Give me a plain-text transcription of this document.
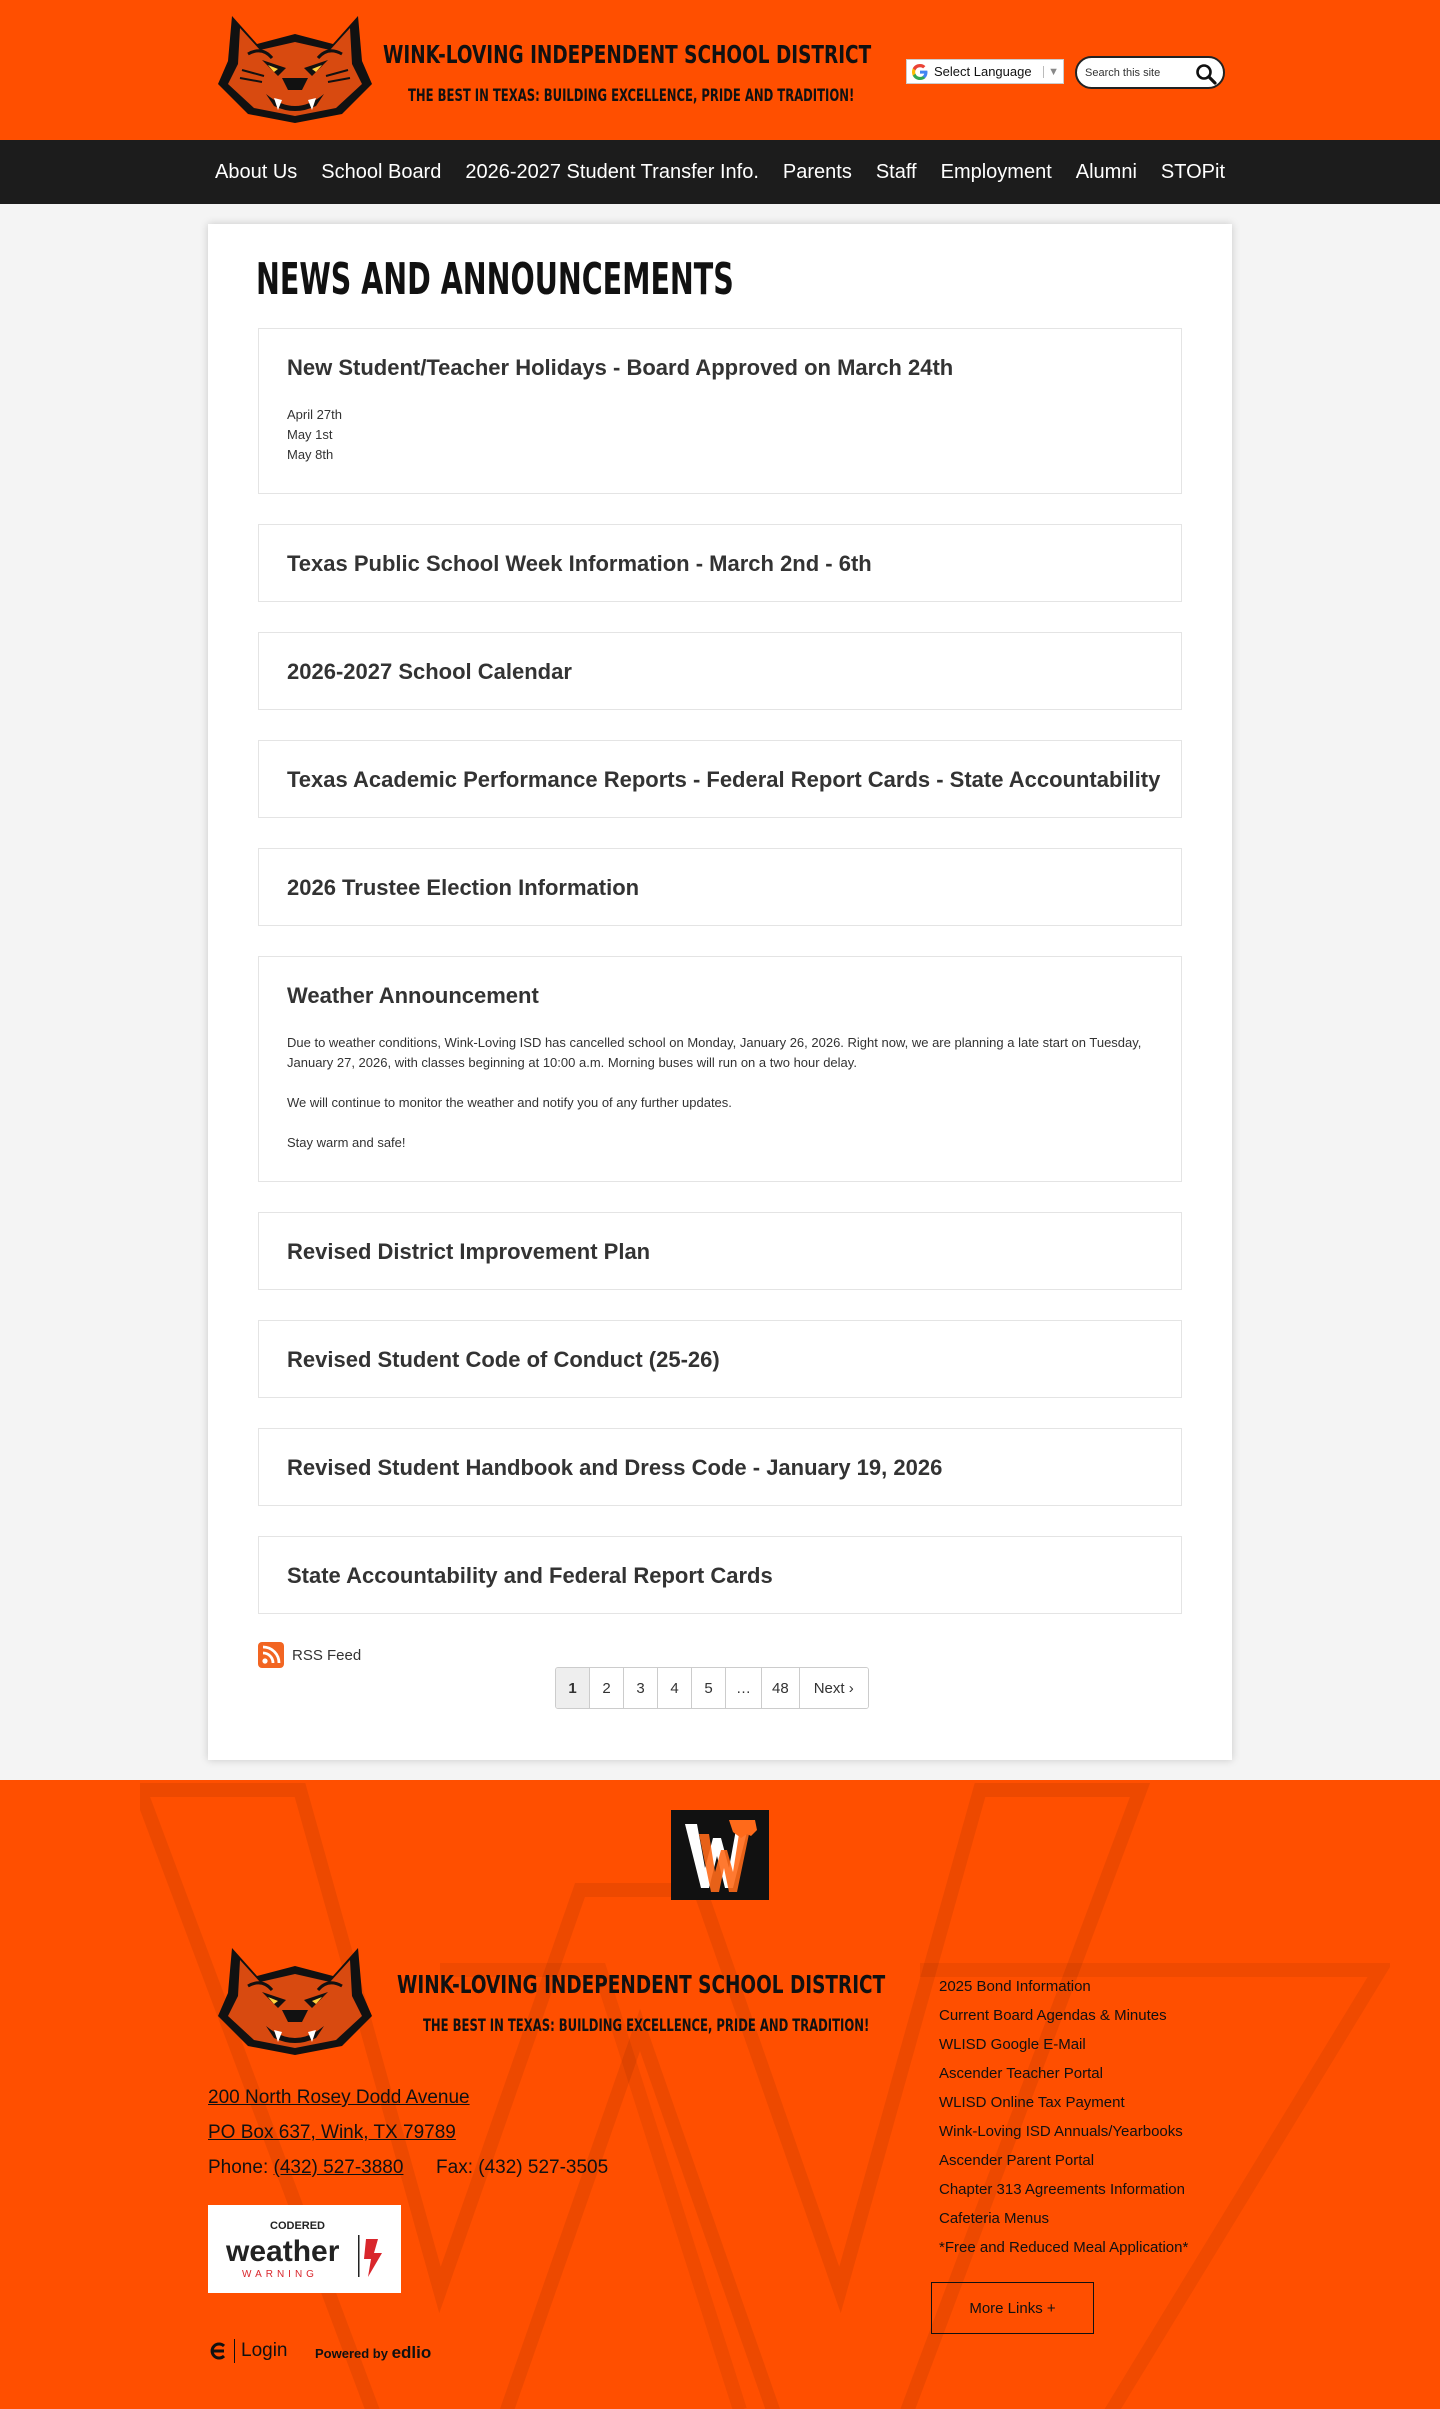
WINK-LOVING INDEPENDENT SCHOOL DISTRICT
THE BEST IN TEXAS: BUILDING EXCELLENCE, PRIDE AND TRADITION!
Select Language	▼
Search this site
About Us	School Board	2026-2027 Student Transfer Info.	Parents	Staff	Employment	Alumni	STOPit
NEWS AND ANNOUNCEMENTS
New Student/Teacher Holidays - Board Approved on March 24th
April 27th
May 1st
May 8th
Texas Public School Week Information - March 2nd - 6th
2026-2027 School Calendar
Texas Academic Performance Reports - Federal Report Cards - State Accountability
2026 Trustee Election Information
Weather Announcement

Due to weather conditions, Wink-Loving ISD has cancelled school on Monday, January 26, 2026. Right now, we are planning a late start on Tuesday, January 27, 2026, with classes beginning at 10:00 a.m. Morning buses will run on a two hour delay.

We will continue to monitor the weather and notify you of any further updates.

Stay warm and safe!

Revised District Improvement Plan
Revised Student Code of Conduct (25-26)
Revised Student Handbook and Dress Code - January 19, 2026
State Accountability and Federal Report Cards
RSS Feed
1	2	3	4	5	…	48	Next ›
WINK-LOVING INDEPENDENT SCHOOL DISTRICT
THE BEST IN TEXAS: BUILDING EXCELLENCE, PRIDE AND TRADITION!
200 North Rosey Dodd Avenue
PO Box 637, Wink, TX 79789
Phone: (432) 527-3880 Fax: (432) 527-3505
CODERED
weather
WARNING
Login Powered by edlio
2025 Bond Information
Current Board Agendas & Minutes
WLISD Google E-Mail
Ascender Teacher Portal
WLISD Online Tax Payment
Wink-Loving ISD Annuals/Yearbooks
Ascender Parent Portal
Chapter 313 Agreements Information
Cafeteria Menus
*Free and Reduced Meal Application*
More Links +
